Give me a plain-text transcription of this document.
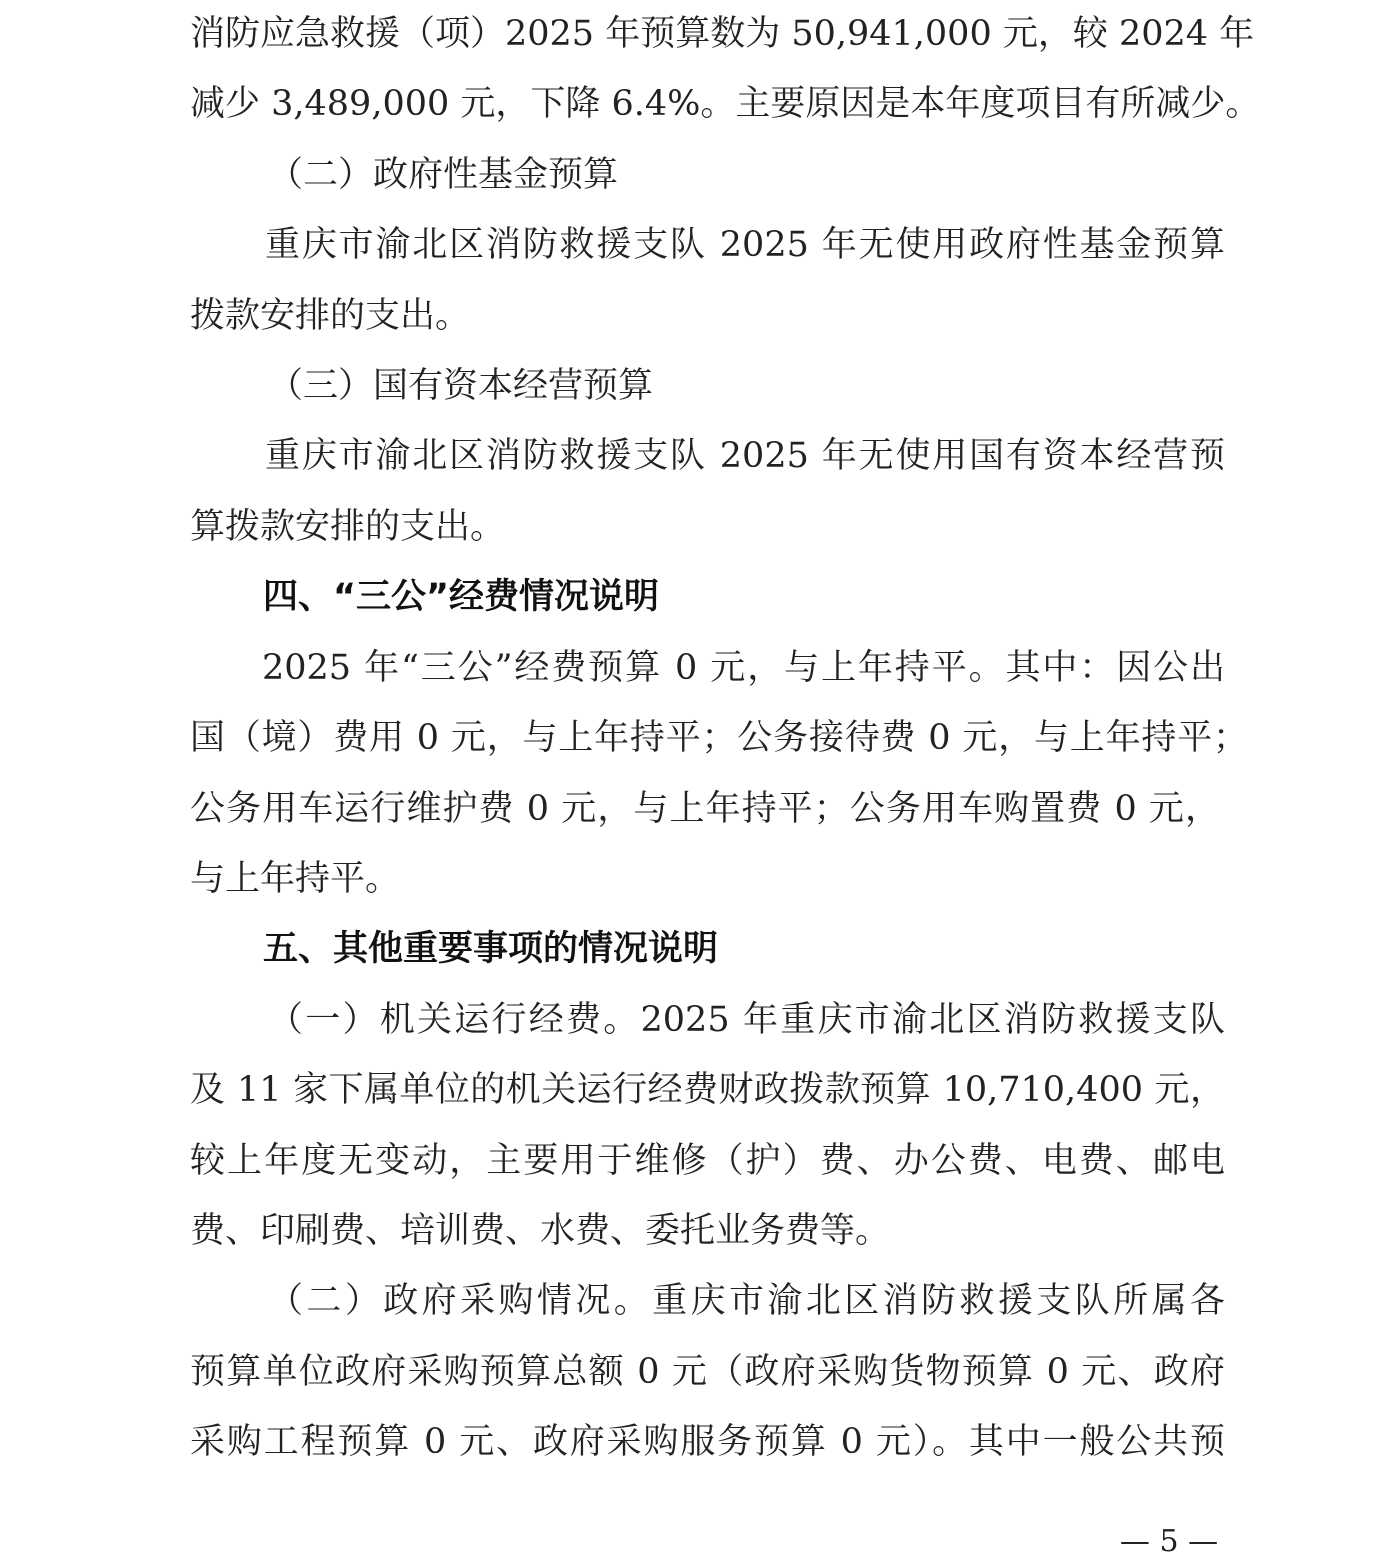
消防应急救援（项）2025 年预算数为 50,941,000 元，较 2024 年
减少 3,489,000 元，下降 6.4%。主要原因是本年度项目有所减少。
（二）政府性基金预算
重庆市渝北区消防救援支队 2025 年无使用政府性基金预算
拨款安排的支出。
（三）国有资本经营预算
重庆市渝北区消防救援支队 2025 年无使用国有资本经营预
算拨款安排的支出。
四、“三公”经费情况说明
2025 年“三公”经费预算 0 元，与上年持平。其中：因公出
国（境）费用 0 元，与上年持平；公务接待费 0 元，与上年持平；
公务用车运行维护费 0 元，与上年持平；公务用车购置费 0 元，
与上年持平。
五、其他重要事项的情况说明
（一）机关运行经费。2025 年重庆市渝北区消防救援支队
及 11 家下属单位的机关运行经费财政拨款预算 10,710,400 元，
较上年度无变动，主要用于维修（护）费、办公费、电费、邮电
费、印刷费、培训费、水费、委托业务费等。
（二）政府采购情况。重庆市渝北区消防救援支队所属各
预算单位政府采购预算总额 0 元（政府采购货物预算 0 元、政府
采购工程预算 0 元、政府采购服务预算 0 元）。其中一般公共预
— 5 —
